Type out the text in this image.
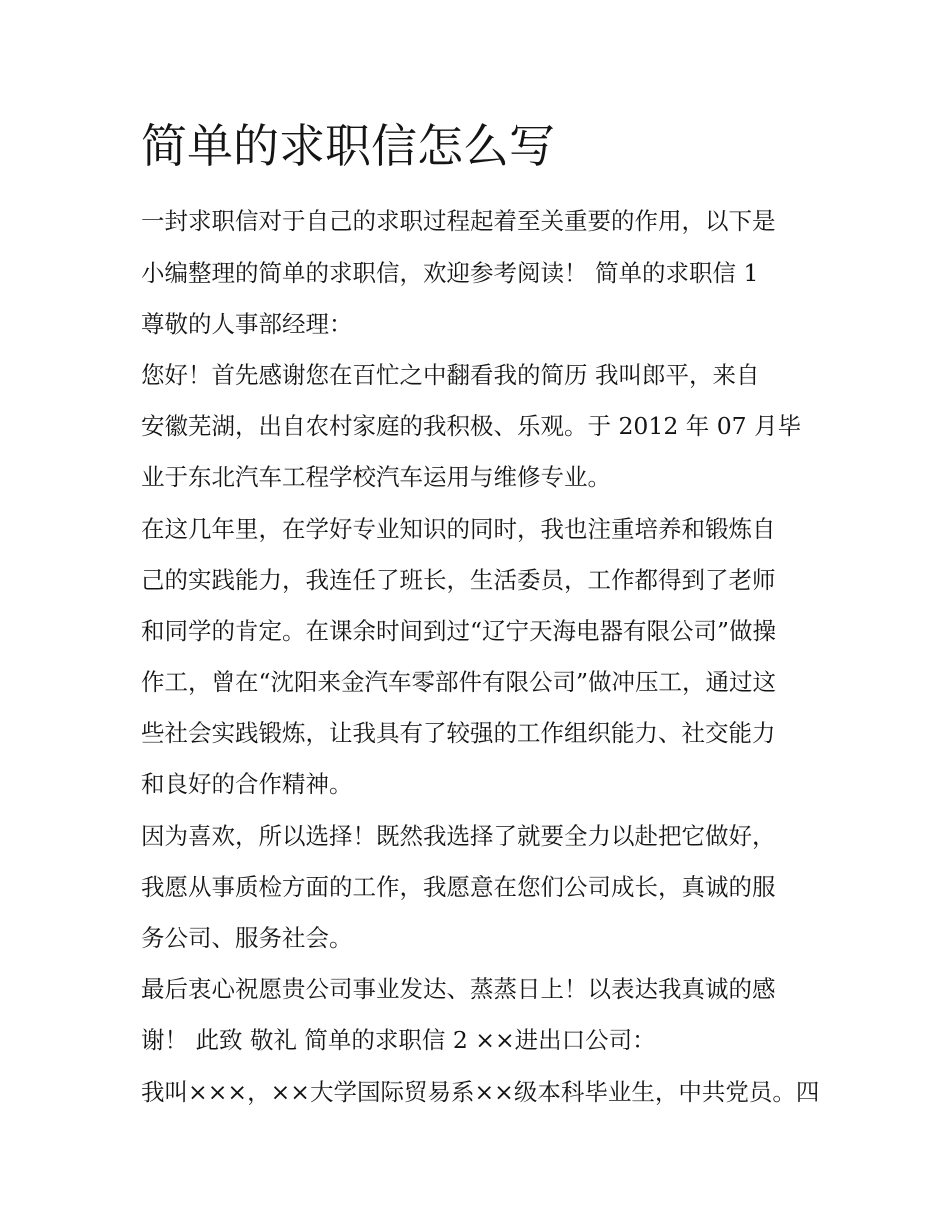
简单的求职信怎么写
一封求职信对于自己的求职过程起着至关重要的作用，以下是
小编整理的简单的求职信，欢迎参考阅读！ 简单的求职信 1
尊敬的人事部经理：
您好！首先感谢您在百忙之中翻看我的简历 我叫郎平，来自
安徽芜湖，出自农村家庭的我积极、乐观。于 2012 年 07 月毕
业于东北汽车工程学校汽车运用与维修专业。
在这几年里，在学好专业知识的同时，我也注重培养和锻炼自
己的实践能力，我连任了班长，生活委员，工作都得到了老师
和同学的肯定。在课余时间到过“辽宁天海电器有限公司”做操
作工，曾在“沈阳来金汽车零部件有限公司”做冲压工，通过这
些社会实践锻炼，让我具有了较强的工作组织能力、社交能力
和良好的合作精神。
因为喜欢，所以选择！既然我选择了就要全力以赴把它做好，
我愿从事质检方面的工作，我愿意在您们公司成长，真诚的服
务公司、服务社会。
最后衷心祝愿贵公司事业发达、蒸蒸日上！以表达我真诚的感
谢！ 此致 敬礼 简单的求职信 2 ××进出口公司：
我叫×××，××大学国际贸易系××级本科毕业生，中共党员。四
